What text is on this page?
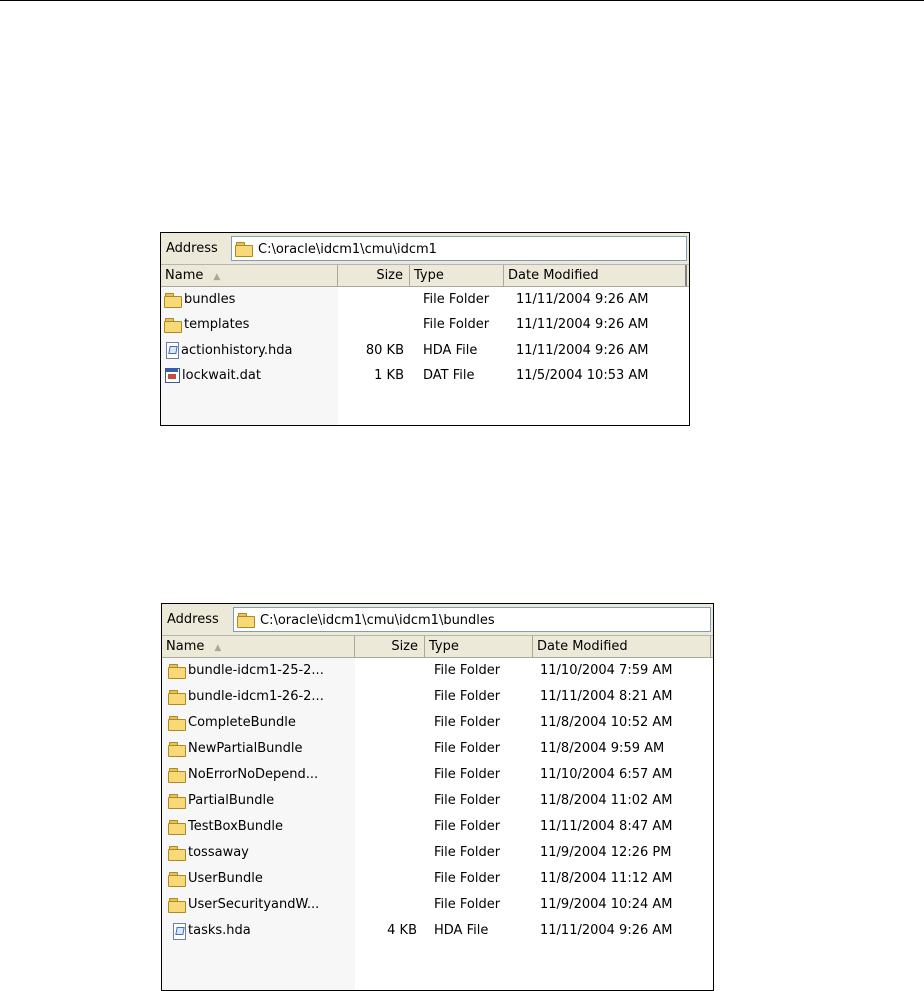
Address	C:\oracle\idcm1\cmu\idcm1
Name ▲	Size Type	Date Modified
bundles	File Folder 11/11/2004 9:26 AM
templates	File Folder 11/11/2004 9:26 AM
actionhistory.hda	80 KB HDA File	11/11/2004 9:26 AM
lockwait.dat	1 KB DAT File	11/5/2004 10:53 AM
Address	C:\oracle\idcm1\cmu\idcm1\bundles
Name ▲	Size Type	Date Modified
bundle-idcm1-25-2...	File Folder	11/10/2004 7:59 AM
bundle-idcm1-26-2...	File Folder	11/11/2004 8:21 AM
CompleteBundle	File Folder	11/8/2004 10:52 AM
NewPartialBundle	File Folder	11/8/2004 9:59 AM
NoErrorNoDepend...	File Folder	11/10/2004 6:57 AM
PartialBundle	File Folder	11/8/2004 11:02 AM
TestBoxBundle	File Folder	11/11/2004 8:47 AM
tossaway	File Folder	11/9/2004 12:26 PM
UserBundle	File Folder	11/8/2004 11:12 AM
UserSecurityandW...	File Folder	11/9/2004 10:24 AM
tasks.hda	4 KB HDA File	11/11/2004 9:26 AM
